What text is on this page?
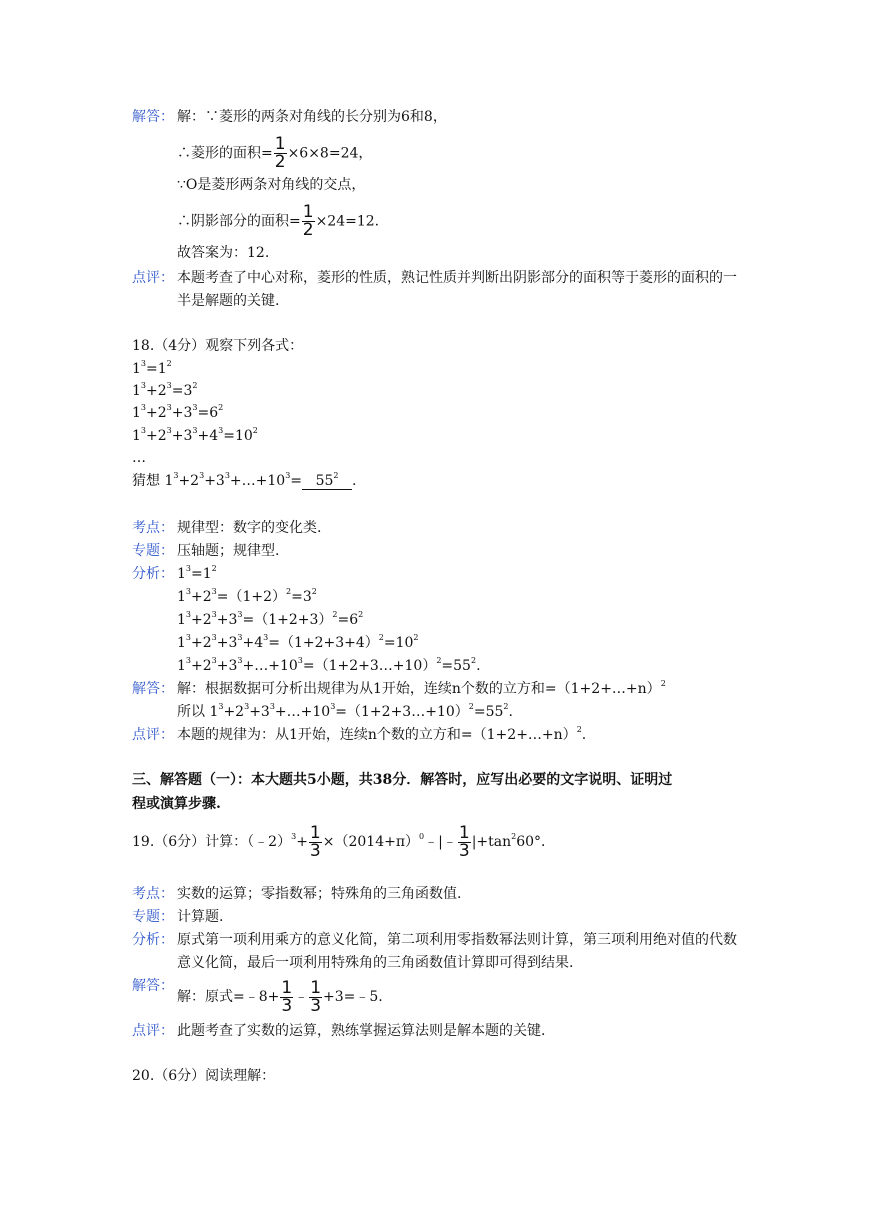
解答： 解：∵菱形的两条对角线的长分别为6和8，
∴菱形的面积= $\frac{1}{2} \times 6\times 8=24$，
∵O是菱形两条对角线的交点，
∴阴影部分的面积= $\frac{1}{2} \times 24=12$.
故答案为：12.
点评： 本题考查了中心对称，菱形的性质，熟记性质并判断出阴影部分的面积等于菱形的面积的一
半是解题的关键.
18.（4分）观察下列各式：
$1^3=1^2$
$1^3+2^3=3^2$
$1^3+2^3+3^3=6^2$
$1^3+2^3+3^3+4^3=10^2$
…
猜想 $1^3+2^3+3^3+\dots+10^3= 55^2$ .
考点： 规律型：数字的变化类.
专题： 压轴题；规律型.
分析： $1^3=1^2$
$1^3+2^3=(1+2)^2=3^2$
$1^3+2^3+3^3=(1+2+3)^2=6^2$
$1^3+2^3+3^3+4^3=(1+2+3+4)^2=10^2$
$1^3+2^3+3^3+\dots+10^3=(1+2+3\dots+10)^2=55^2$.
解答： 解：根据数据可分析出规律为从1开始，连续n个数的立方和=（1+2+…+n）$^2$
所以 $1^3+2^3+3^3+\dots+10^3=(1+2+3\dots+10)^2=55^2$.
点评： 本题的规律为：从1开始，连续n个数的立方和=（1+2+…+n）$^2$.
三、解答题（一）：本大题共5小题，共38分．解答时，应写出必要的文字说明、证明过
程或演算步骤.
19.（6分）计算：（﹣2）$^3$+ $\frac{1}{3}$ $\times(2014+\pi)^0﹣|﹣ \frac{1}{3} |+\tan^260^\circ$．
考点： 实数的运算；零指数幂；特殊角的三角函数值.
专题： 计算题.
分析： 原式第一项利用乘方的意义化简，第二项利用零指数幂法则计算，第三项利用绝对值的代数
意义化简，最后一项利用特殊角的三角函数值计算即可得到结果.
解答：
解：原式=﹣8+ $\frac{1}{3}$ ﹣ $\frac{1}{3}$ +3=﹣5.
点评： 此题考查了实数的运算，熟练掌握运算法则是解本题的关键.
20.（6分）阅读理解：
